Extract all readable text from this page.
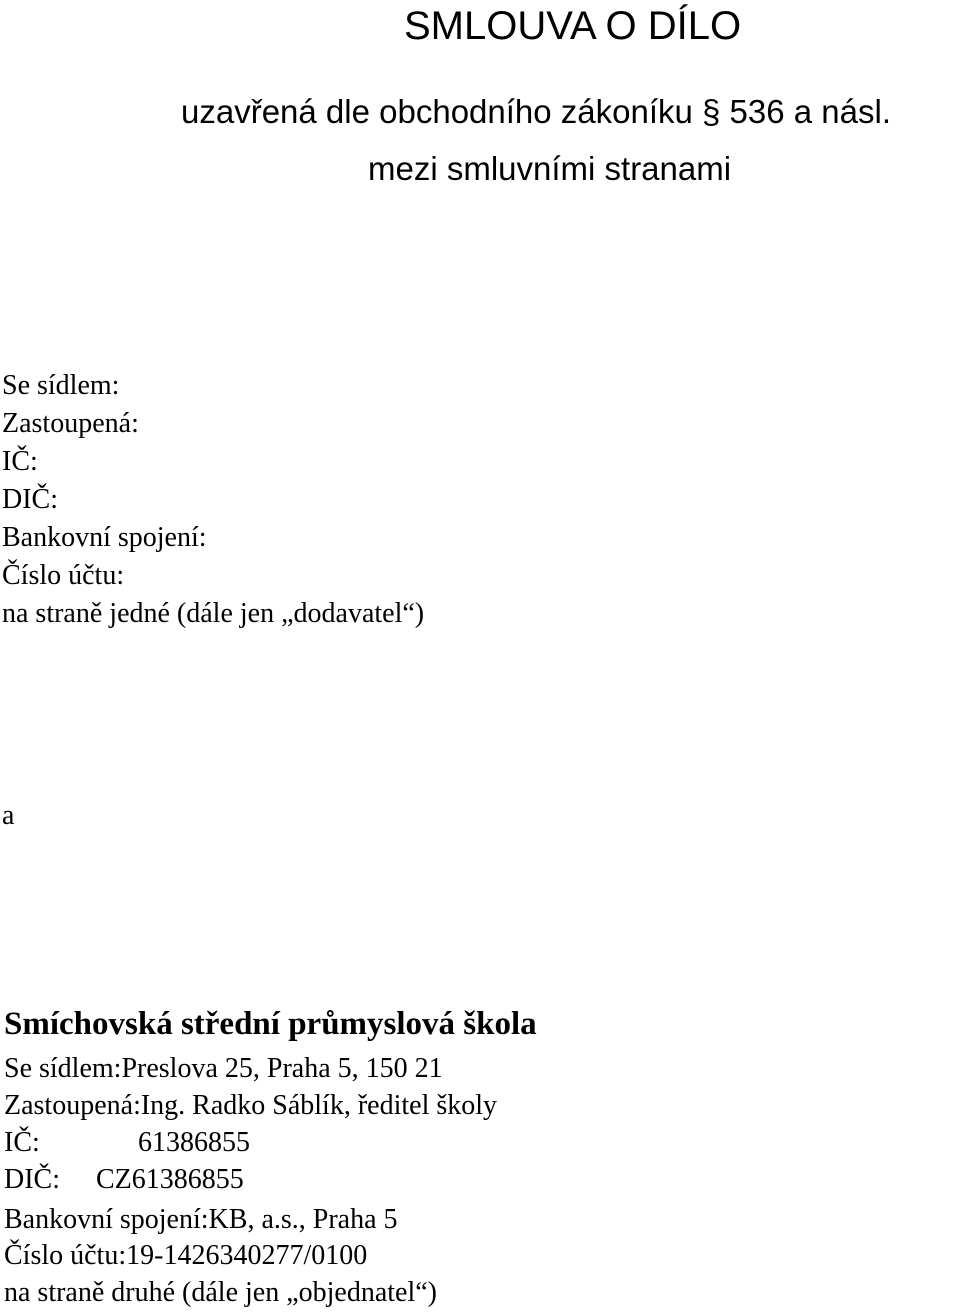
SMLOUVA O DÍLO
uzavřená dle obchodního zákoníku § 536 a násl.
mezi smluvními stranami
Se sídlem:
Zastoupená:
IČ:
DIČ:
Bankovní spojení:
Číslo účtu:
na straně jedné (dále jen „dodavatel“)
a
Smíchovská střední průmyslová škola
Se sídlem:Preslova 25, Praha 5, 150 21
Zastoupená:Ing. Radko Sáblík, ředitel školy
IČ:	61386855
DIČ: CZ61386855
Bankovní spojení:KB, a.s., Praha 5
Číslo účtu:19-1426340277/0100
na straně druhé (dále jen „objednatel“)
